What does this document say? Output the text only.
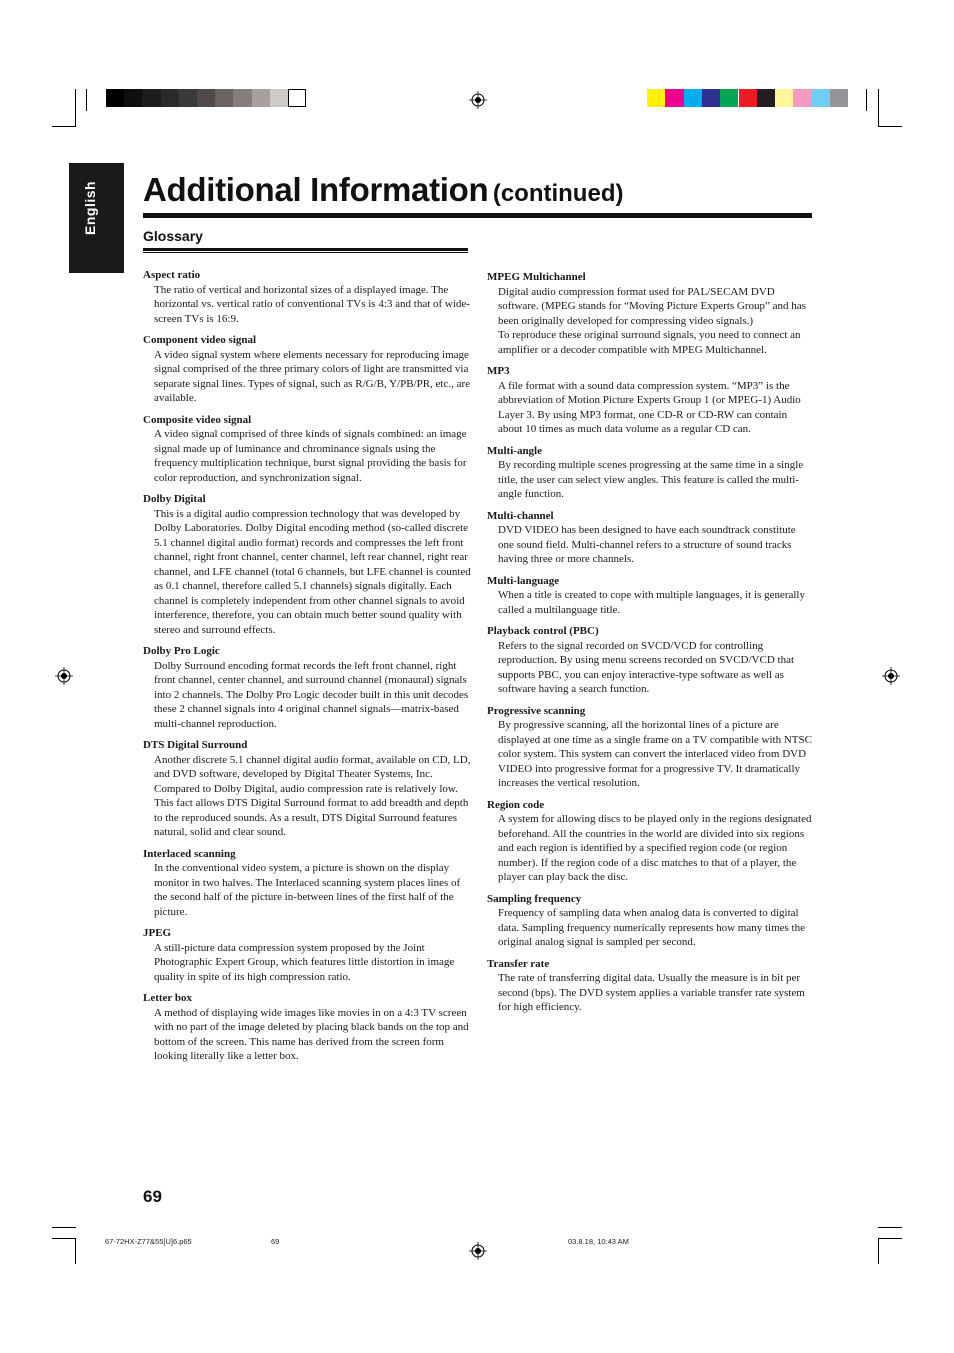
English Additional Information (continued)
Glossary
Aspect ratio
The ratio of vertical and horizontal sizes of a displayed image. The horizontal vs. vertical ratio of conventional TVs is 4:3 and that of wide-screen TVs is 16:9.
Component video signal
A video signal system where elements necessary for reproducing image signal comprised of the three primary colors of light are transmitted via separate signal lines. Types of signal, such as R/G/B, Y/PB/PR, etc., are available.
Composite video signal
A video signal comprised of three kinds of signals combined: an image signal made up of luminance and chrominance signals using the frequency multiplication technique, burst signal providing the basis for color reproduction, and synchronization signal.
Dolby Digital
This is a digital audio compression technology that was developed by Dolby Laboratories. Dolby Digital encoding method (so-called discrete 5.1 channel digital audio format) records and compresses the left front channel, right front channel, center channel, left rear channel, right rear channel, and LFE channel (total 6 channels, but LFE channel is counted as 0.1 channel, therefore called 5.1 channels) signals digitally. Each channel is completely independent from other channel signals to avoid interference, therefore, you can obtain much better sound quality with stereo and surround effects.
Dolby Pro Logic
Dolby Surround encoding format records the left front channel, right front channel, center channel, and surround channel (monaural) signals into 2 channels. The Dolby Pro Logic decoder built in this unit decodes these 2 channel signals into 4 original channel signals—matrix-based multi-channel reproduction.
DTS Digital Surround
Another discrete 5.1 channel digital audio format, available on CD, LD, and DVD software, developed by Digital Theater Systems, Inc.
Compared to Dolby Digital, audio compression rate is relatively low. This fact allows DTS Digital Surround format to add breadth and depth to the reproduced sounds. As a result, DTS Digital Surround features natural, solid and clear sound.
Interlaced scanning
In the conventional video system, a picture is shown on the display monitor in two halves. The Interlaced scanning system places lines of the second half of the picture in-between lines of the first half of the picture.
JPEG
A still-picture data compression system proposed by the Joint Photographic Expert Group, which features little distortion in image quality in spite of its high compression ratio.
Letter box
A method of displaying wide images like movies in on a 4:3 TV screen with no part of the image deleted by placing black bands on the top and bottom of the screen. This name has derived from the screen form looking literally like a letter box.
MPEG Multichannel
Digital audio compression format used for PAL/SECAM DVD software. (MPEG stands for “Moving Picture Experts Group” and has been originally developed for compressing video signals.)
To reproduce these original surround signals, you need to connect an amplifier or a decoder compatible with MPEG Multichannel.
MP3
A file format with a sound data compression system. “MP3” is the abbreviation of Motion Picture Experts Group 1 (or MPEG-1) Audio Layer 3. By using MP3 format, one CD-R or CD-RW can contain about 10 times as much data volume as a regular CD can.
Multi-angle
By recording multiple scenes progressing at the same time in a single title, the user can select view angles. This feature is called the multi-angle function.
Multi-channel
DVD VIDEO has been designed to have each soundtrack constitute one sound field. Multi-channel refers to a structure of sound tracks having three or more channels.
Multi-language
When a title is created to cope with multiple languages, it is generally called a multilanguage title.
Playback control (PBC)
Refers to the signal recorded on SVCD/VCD for controlling reproduction. By using menu screens recorded on SVCD/VCD that supports PBC, you can enjoy interactive-type software as well as software having a search function.
Progressive scanning
By progressive scanning, all the horizontal lines of a picture are displayed at one time as a single frame on a TV compatible with NTSC color system. This system can convert the interlaced video from DVD VIDEO into progressive format for a progressive TV. It dramatically increases the vertical resolution.
Region code
A system for allowing discs to be played only in the regions designated beforehand. All the countries in the world are divided into six regions and each region is identified by a specified region code (or region number). If the region code of a disc matches to that of a player, the player can play back the disc.
Sampling frequency
Frequency of sampling data when analog data is converted to digital data. Sampling frequency numerically represents how many times the original analog signal is sampled per second.
Transfer rate
The rate of transferring digital data. Usually the measure is in bit per second (bps). The DVD system applies a variable transfer rate system for high efficiency.
69
67-72HX-Z77&55[U]6.p65	69	03.8.18, 10:43 AM
